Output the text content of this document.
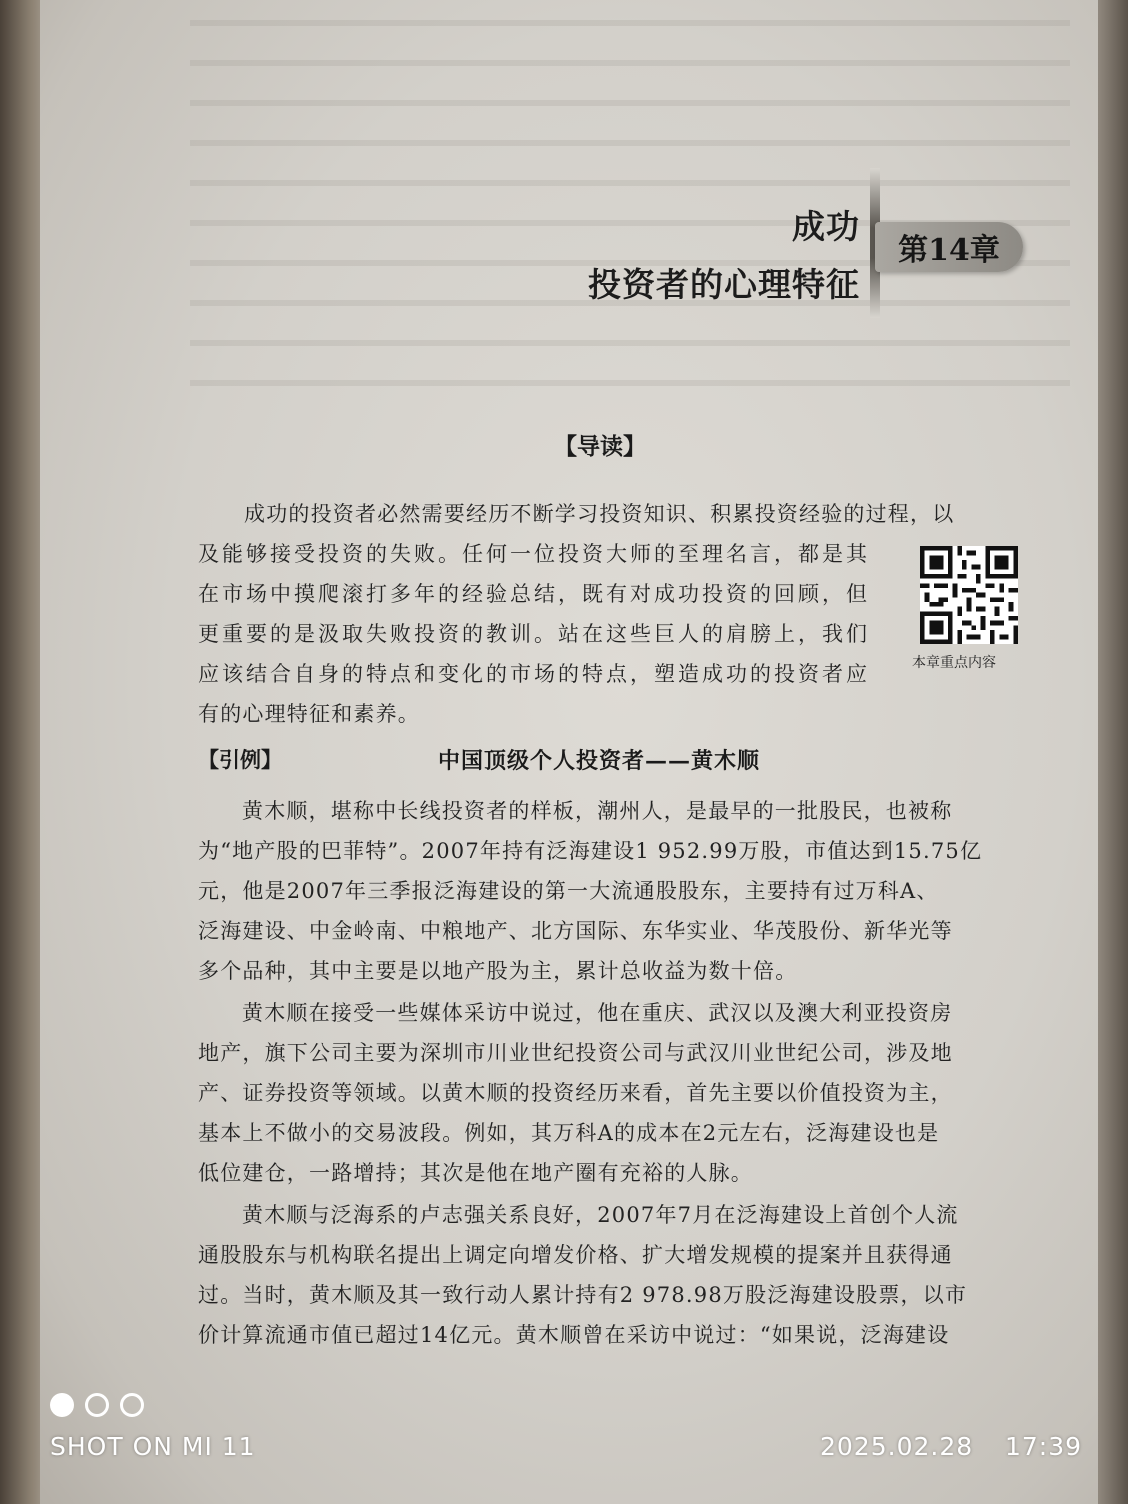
成功
投资者的心理特征
第14章
【导读】
成功的投资者必然需要经历不断学习投资知识、积累投资经验的过程，以
及能够接受投资的失败。任何一位投资大师的至理名言，都是其
在市场中摸爬滚打多年的经验总结，既有对成功投资的回顾，但
更重要的是汲取失败投资的教训。站在这些巨人的肩膀上，我们
应该结合自身的特点和变化的市场的特点，塑造成功的投资者应
有的心理特征和素养。
本章重点内容
【引例】	中国顶级个人投资者——黄木顺
黄木顺，堪称中长线投资者的样板，潮州人，是最早的一批股民，也被称
为“地产股的巴菲特”。2007年持有泛海建设1 952.99万股，市值达到15.75亿
元，他是2007年三季报泛海建设的第一大流通股股东，主要持有过万科A、
泛海建设、中金岭南、中粮地产、北方国际、东华实业、华茂股份、新华光等
多个品种，其中主要是以地产股为主，累计总收益为数十倍。
黄木顺在接受一些媒体采访中说过，他在重庆、武汉以及澳大利亚投资房
地产，旗下公司主要为深圳市川业世纪投资公司与武汉川业世纪公司，涉及地
产、证券投资等领域。以黄木顺的投资经历来看，首先主要以价值投资为主，
基本上不做小的交易波段。例如，其万科A的成本在2元左右，泛海建设也是
低位建仓，一路增持；其次是他在地产圈有充裕的人脉。
黄木顺与泛海系的卢志强关系良好，2007年7月在泛海建设上首创个人流
通股股东与机构联名提出上调定向增发价格、扩大增发规模的提案并且获得通
过。当时，黄木顺及其一致行动人累计持有2 978.98万股泛海建设股票，以市
价计算流通市值已超过14亿元。黄木顺曾在采访中说过：“如果说，泛海建设
SHOT ON MI 11	2025.02.28 17:39
